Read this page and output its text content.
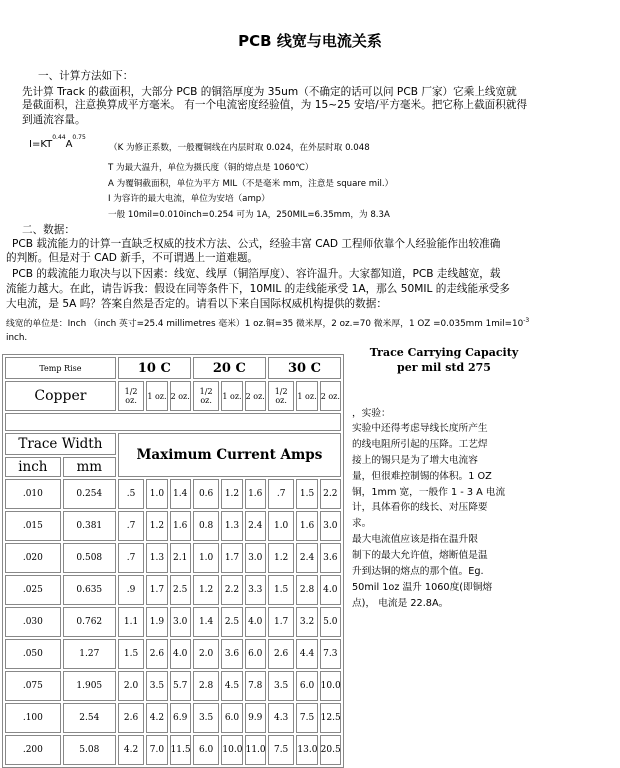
PCB 线宽与电流关系
一、计算方法如下：
先计算 Track 的截面积，大部分 PCB 的铜箔厚度为 35um（不确定的话可以问 PCB 厂家）它乘上线宽就
是截面积，注意换算成平方毫米。 有一个电流密度经验值，为 15~25 安培/平方毫米。把它称上截面积就得
到通流容量。
$I=KT^{0.44}A^{0.75}$
（K 为修正系数，一般覆铜线在内层时取 0.024，在外层时取 0.048
T 为最大温升，单位为摄氏度（铜的熔点是 1060℃）
A 为覆铜截面积，单位为平方 MIL（不是毫米 mm，注意是 square mil.）
I 为容许的最大电流，单位为安培（amp）
一般 10mil=0.010inch=0.254 可为 1A，250MIL=6.35mm，为 8.3A
二、数据：
PCB 载流能力的计算一直缺乏权威的技术方法、公式，经验丰富 CAD 工程师依靠个人经验能作出较准确
的判断。但是对于 CAD 新手，不可谓遇上一道难题。
PCB 的载流能力取决与以下因素：线宽、线厚（铜箔厚度）、容许温升。大家都知道，PCB 走线越宽，载
流能力越大。在此，请告诉我：假设在同等条件下，10MIL 的走线能承受 1A，那么 50MIL 的走线能承受多
大电流，是 5A 吗？答案自然是否定的。请看以下来自国际权威机构提供的数据：
线宽的单位是：Inch （inch 英寸=25.4 millimetres 毫米）1 oz.铜=35 微米厚，2 oz.=70 微米厚，1 OZ =0.035mm $1mil=10^{-3}$
inch.
Temp Rise		10 C			20 C			30 C		
Copper		1/2 oz.	1 oz.	2 oz.	1/2 oz.	1 oz.	2 oz.	1/2 oz.	1 oz.	2 oz.

Trace Width		Maximum Current Amps								
inch	mm									
.010	0.254	.5	1.0	1.4	0.6	1.2	1.6	.7	1.5	2.2
.015	0.381	.7	1.2	1.6	0.8	1.3	2.4	1.0	1.6	3.0
.020	0.508	.7	1.3	2.1	1.0	1.7	3.0	1.2	2.4	3.6
.025	0.635	.9	1.7	2.5	1.2	2.2	3.3	1.5	2.8	4.0
.030	0.762	1.1	1.9	3.0	1.4	2.5	4.0	1.7	3.2	5.0
.050	1.27	1.5	2.6	4.0	2.0	3.6	6.0	2.6	4.4	7.3
.075	1.905	2.0	3.5	5.7	2.8	4.5	7.8	3.5	6.0	10.0
.100	2.54	2.6	4.2	6.9	3.5	6.0	9.9	4.3	7.5	12.5
.200	5.08	4.2	7.0	11.5	6.0	10.0	11.0	7.5	13.0	20.5
Trace Carrying Capacity
per mil std 275
，实验：
实验中还得考虑导线长度所产生
的线电阻所引起的压降。工艺焊
接上的锡只是为了增大电流容
量，但很难控制锡的体积。1 OZ
铜，1mm 宽，一般作 1 - 3 A 电流
计，具体看你的线长、对压降要
求。
最大电流值应该是指在温升限
制下的最大允许值，熔断值是温
升到达铜的熔点的那个值。Eg.
50mil 1oz 温升 1060度(即铜熔
点)， 电流是 22.8A。
